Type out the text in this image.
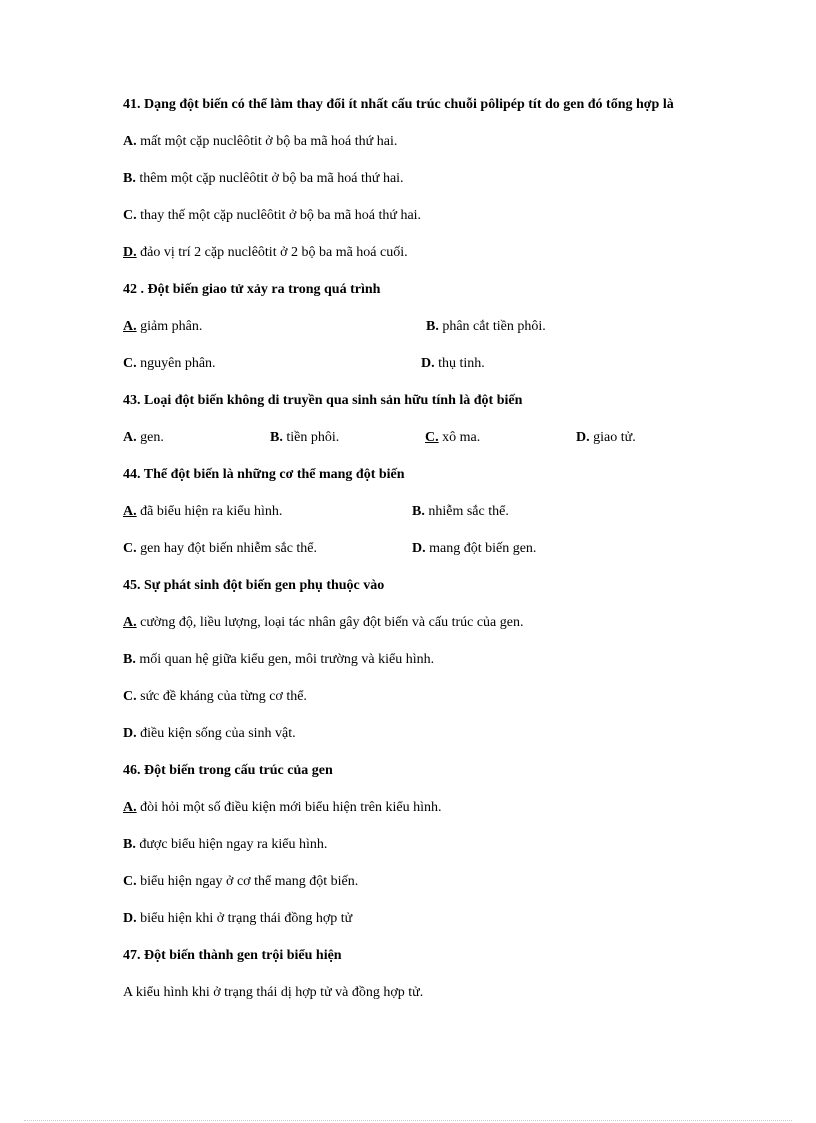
41. Dạng đột biến có thể làm thay đổi ít nhất cấu trúc chuỗi pôlipép tít do gen đó tổng hợp là
A. mất một cặp nuclêôtit ở bộ ba mã hoá thứ hai.
B. thêm một cặp nuclêôtit ở bộ ba mã hoá thứ hai.
C. thay thế một cặp nuclêôtit ở bộ ba mã hoá thứ hai.
D. đảo vị trí 2 cặp nuclêôtit ở 2 bộ ba mã hoá cuối.
42 . Đột biến giao tử xảy ra trong quá trình
A. giảm phân.	B. phân cắt tiền phôi.
C. nguyên phân.	D. thụ tinh.
43. Loại đột biến không di truyền qua sinh sản hữu tính là đột biến
A. gen.	B. tiền phôi.	C. xô ma.	D. giao tử.
44. Thể đột biến là những cơ thể mang đột biến
A. đã biểu hiện ra kiểu hình.	B. nhiễm sắc thể.
C. gen hay đột biến nhiễm sắc thể.	D. mang đột biến gen.
45. Sự phát sinh đột biến gen phụ thuộc vào
A. cường độ, liều lượng, loại tác nhân gây đột biến và cấu trúc của gen.
B. mối quan hệ giữa kiểu gen, môi trường và kiểu hình.
C. sức đề kháng của từng cơ thể.
D. điều kiện sống của sinh vật.
46. Đột biến trong cấu trúc của gen
A. đòi hỏi một số điều kiện mới biểu hiện trên kiểu hình.
B. được biểu hiện ngay ra kiểu hình.
C. biểu hiện ngay ở cơ thể mang đột biến.
D. biểu hiện khi ở trạng thái đồng hợp tử
47. Đột biến thành gen trội biểu hiện
A kiểu hình khi ở trạng thái dị hợp tử và đồng hợp tử.
